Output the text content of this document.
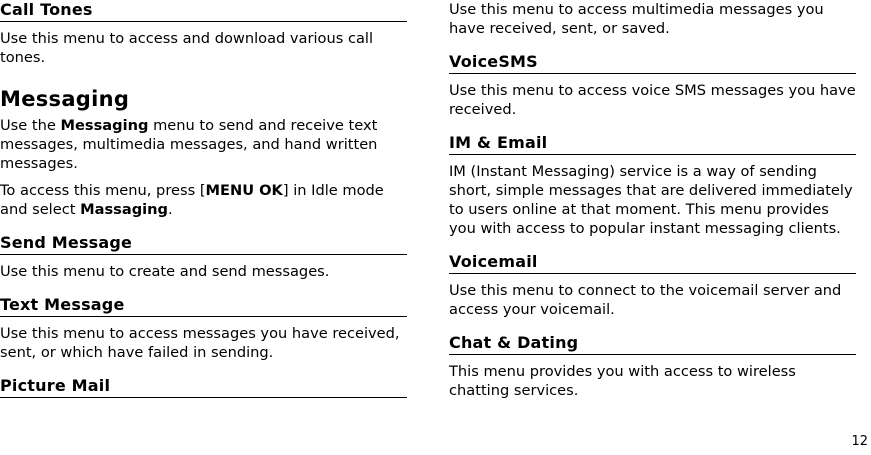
Call Tones

Use this menu to access and download various call tones.

Messaging

Use the Messaging menu to send and receive text messages, multimedia messages, and hand written messages.

To access this menu, press [MENU OK] in Idle mode and select Massaging.

Send Message

Use this menu to create and send messages.

Text Message

Use this menu to access messages you have received, sent, or which have failed in sending.

Picture Mail

Use this menu to access multimedia messages you have received, sent, or saved.

VoiceSMS

Use this menu to access voice SMS messages you have received.

IM & Email

IM (Instant Messaging) service is a way of sending short, simple messages that are delivered immediately to users online at that moment. This menu provides you with access to popular instant messaging clients.

Voicemail

Use this menu to connect to the voicemail server and access your voicemail.

Chat & Dating

This menu provides you with access to wireless chatting services.

12
